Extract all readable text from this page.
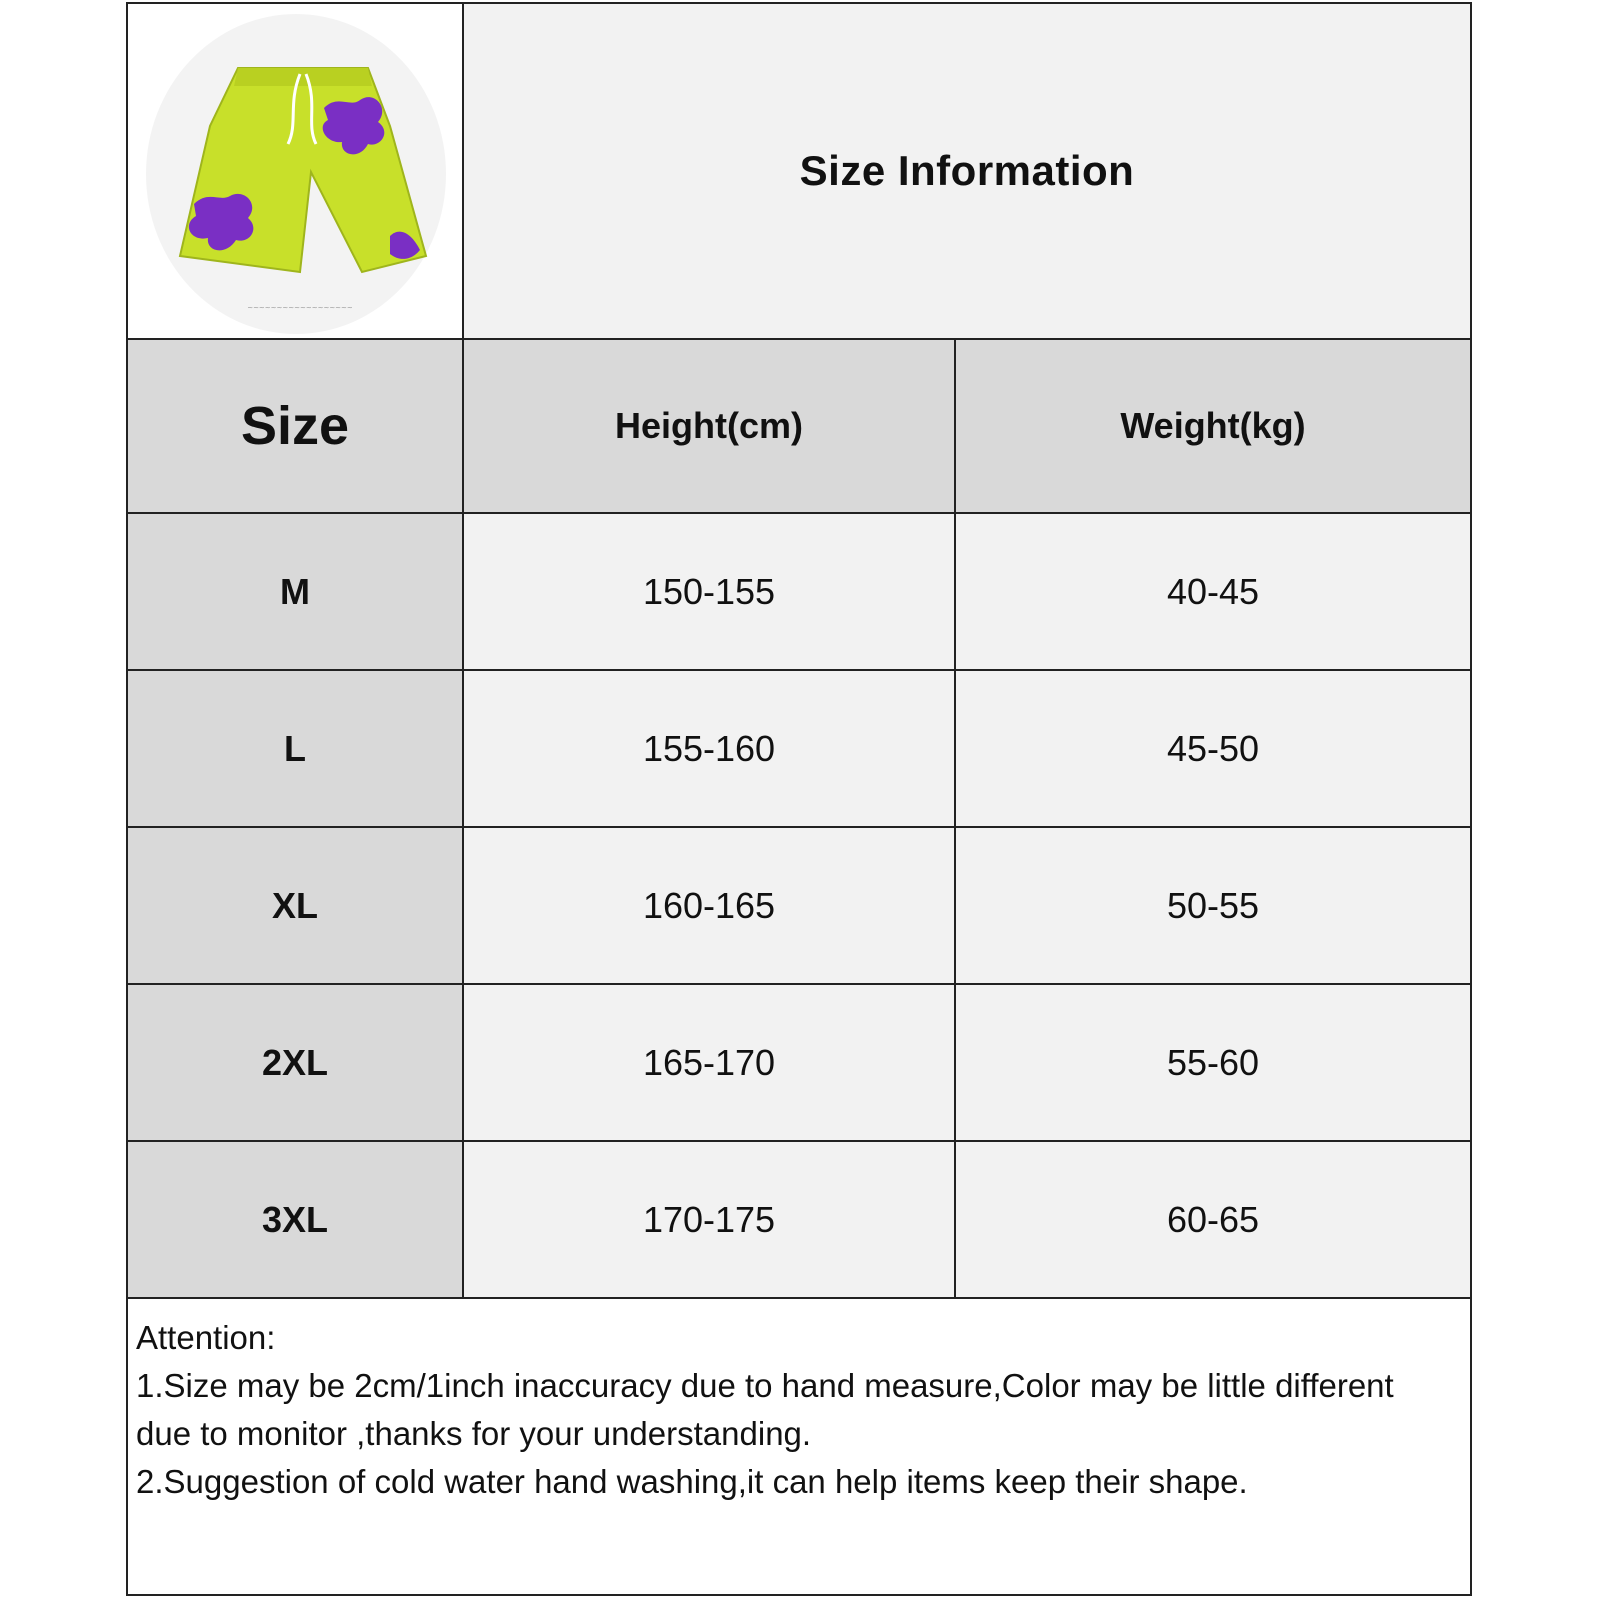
~~~~~~~~~~~~~~~~~~
Size Information
Size	Height(cm)	Weight(kg)
M	150-155	40-45
L	155-160	45-50
XL	160-165	50-55
2XL	165-170	55-60
3XL	170-175	60-65
Attention:
1.Size may be 2cm/1inch inaccuracy due to hand measure,Color may be little different due to monitor ,thanks for your understanding.
2.Suggestion of cold water hand washing,it can help items keep their shape.
